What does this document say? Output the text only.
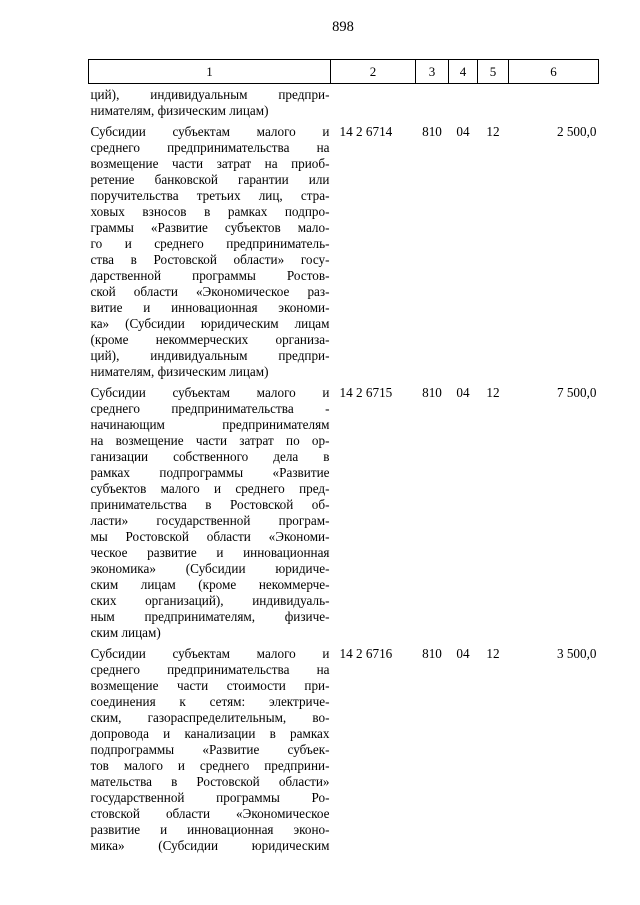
898
1	2	3	4	5	6

ций), индивидуальным предпри-
нимателям, физическим лицам)					

Субсидии субъектам малого и
среднего предпринимательства на
возмещение части затрат на приоб-
ретение банковской гарантии или
поручительства третьих лиц, стра-
ховых взносов в рамках подпро-
граммы «Развитие субъектов мало-
го и среднего предприниматель-
ства в Ростовской области» госу-
дарственной программы Ростов-
ской области «Экономическое раз-
витие и инновационная экономи-
ка» (Субсидии юридическим лицам
(кроме некоммерческих организа-
ций), индивидуальным предпри-
нимателям, физическим лицам)
	14 2 6714	810	04	12	2 500,0

Субсидии субъектам малого и
среднего предпринимательства -
начинающим предпринимателям
на возмещение части затрат по ор-
ганизации собственного дела в
рамках подпрограммы «Развитие
субъектов малого и среднего пред-
принимательства в Ростовской об-
ласти» государственной програм-
мы Ростовской области «Экономи-
ческое развитие и инновационная
экономика» (Субсидии юридиче-
ским лицам (кроме некоммерче-
ских организаций), индивидуаль-
ным предпринимателям, физиче-
ским лицам)
	14 2 6715	810	04	12	7 500,0

Субсидии субъектам малого и
среднего предпринимательства на
возмещение части стоимости при-
соединения к сетям: электриче-
ским, газораспределительным, во-
допровода и канализации в рамках
подпрограммы «Развитие субъек-
тов малого и среднего предприни-
мательства в Ростовской области»
государственной программы Ро-
стовской области «Экономическое
развитие и инновационная эконо-
мика» (Субсидии юридическим
	14 2 6716	810	04	12	3 500,0
